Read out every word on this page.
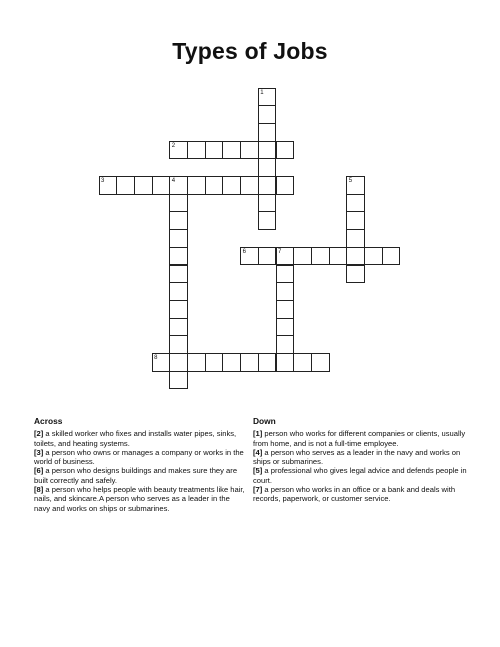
Types of Jobs
1
2
3	4	5
6	7
8
Across

[2] a skilled worker who fixes and installs water pipes, sinks, toilets, and heating systems.

[3] a person who owns or manages a company or works in the world of business.

[6] a person who designs buildings and makes sure they are built correctly and safely.

[8] a person who helps people with beauty treatments like hair, nails, and skincare.A person who serves as a leader in the navy and works on ships or submarines.

Down

[1] person who works for different companies or clients, usually from home, and is not a full-time employee.

[4] a person who serves as a leader in the navy and works on ships or submarines.

[5] a professional who gives legal advice and defends people in court.

[7] a person who works in an office or a bank and deals with records, paperwork, or customer service.
